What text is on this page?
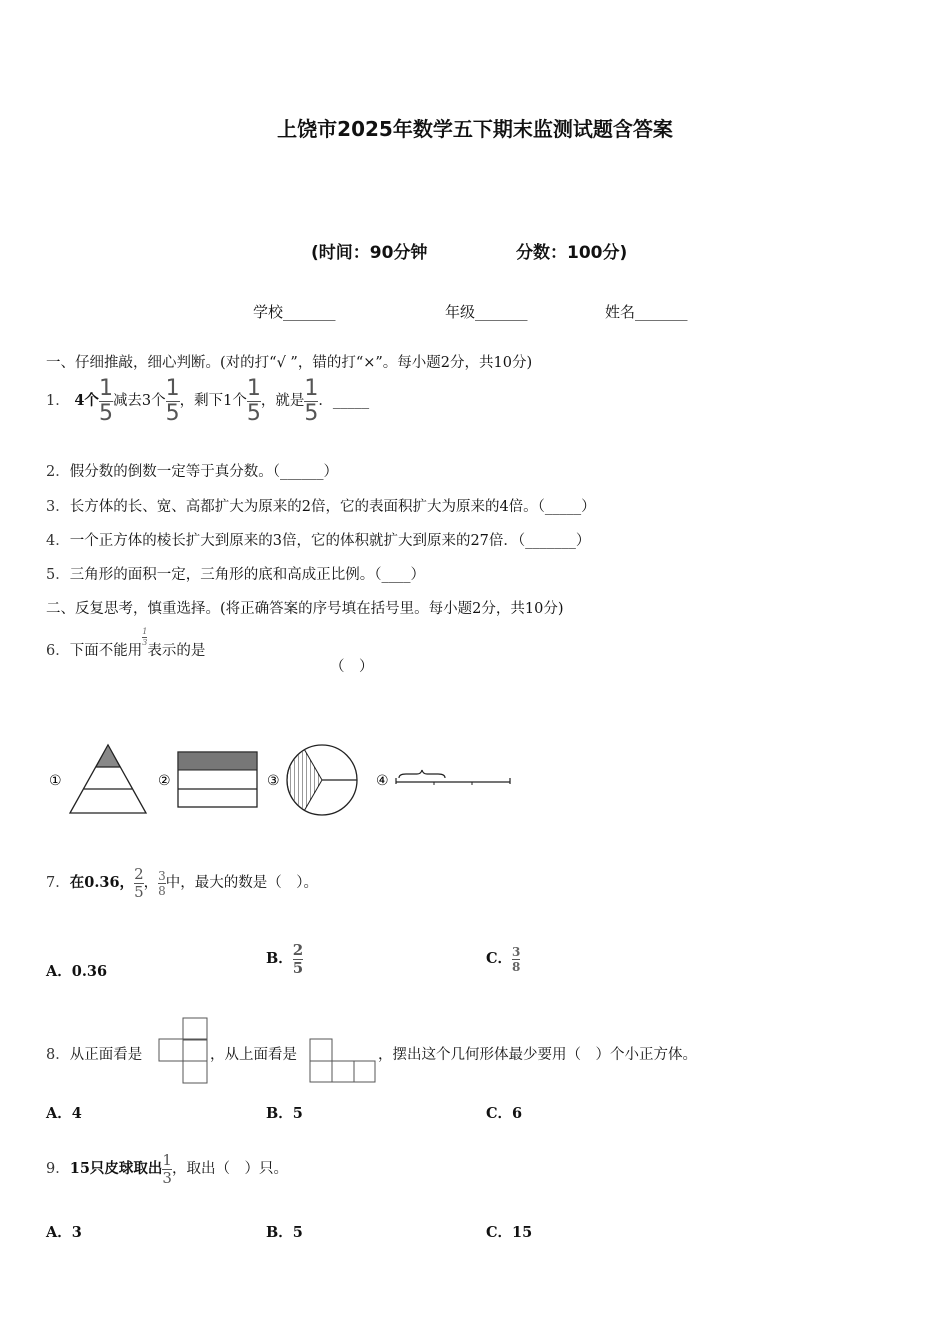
上饶市2025年数学五下期末监测试题含答案
(时间：90分钟	分数：100分)
学校_______	年级_______	姓名_______
一、仔细推敲，细心判断。(对的打“√ ”，错的打“×”。每小题2分，共10分)
1． 4个 $\frac{1}{5}$ 减去3个 $\frac{1}{5}$ ，剩下1个 $\frac{1}{5}$ ，就是 $\frac{1}{5}$ ．_____
2．假分数的倒数一定等于真分数。（______）
3．长方体的长、宽、高都扩大为原来的2倍，它的表面积扩大为原来的4倍。（_____）
4．一个正方体的棱长扩大到原来的3倍，它的体积就扩大到原来的27倍．（_______）
5．三角形的面积一定，三角形的底和高成正比例。（____）
二、反复思考，慎重选择。(将正确答案的序号填在括号里。每小题2分，共10分)
6．下面不能用
$\frac{1}{3}$
表示的是
（　）
①	②	③	④
7．在0.36， $\frac{2}{5}$ ， $\frac{3}{8}$ 中，最大的数是（　）。
A．0.36
B． $\frac{2}{5}$	C． $\frac{3}{8}$
8．从正面看是	，从上面看是	，摆出这个几何形体最少要用（　）个小正方体。
A．4	B．5	C．6
9．15只皮球取出 $\frac{1}{3}$ ，取出（　）只。
A．3	B．5	C．15
